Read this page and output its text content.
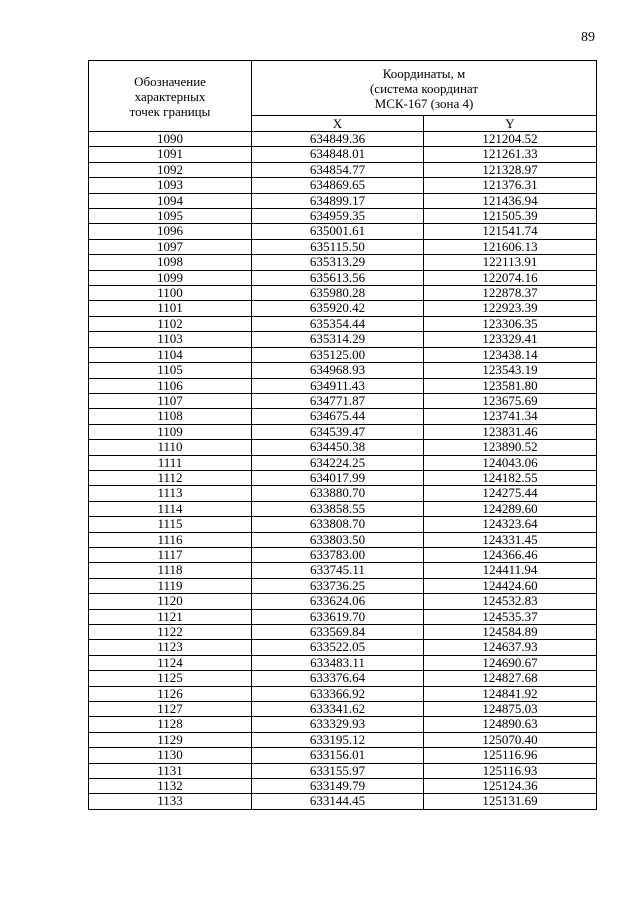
89
Обозначение
характерных
точек границы	Координаты, м
(система координат
МСК-167 (зона 4)	
	X	Y
1090	634849.36	121204.52
1091	634848.01	121261.33
1092	634854.77	121328.97
1093	634869.65	121376.31
1094	634899.17	121436.94
1095	634959.35	121505.39
1096	635001.61	121541.74
1097	635115.50	121606.13
1098	635313.29	122113.91
1099	635613.56	122074.16
1100	635980.28	122878.37
1101	635920.42	122923.39
1102	635354.44	123306.35
1103	635314.29	123329.41
1104	635125.00	123438.14
1105	634968.93	123543.19
1106	634911.43	123581.80
1107	634771.87	123675.69
1108	634675.44	123741.34
1109	634539.47	123831.46
1110	634450.38	123890.52
1111	634224.25	124043.06
1112	634017.99	124182.55
1113	633880.70	124275.44
1114	633858.55	124289.60
1115	633808.70	124323.64
1116	633803.50	124331.45
1117	633783.00	124366.46
1118	633745.11	124411.94
1119	633736.25	124424.60
1120	633624.06	124532.83
1121	633619.70	124535.37
1122	633569.84	124584.89
1123	633522.05	124637.93
1124	633483.11	124690.67
1125	633376.64	124827.68
1126	633366.92	124841.92
1127	633341.62	124875.03
1128	633329.93	124890.63
1129	633195.12	125070.40
1130	633156.01	125116.96
1131	633155.97	125116.93
1132	633149.79	125124.36
1133	633144.45	125131.69
